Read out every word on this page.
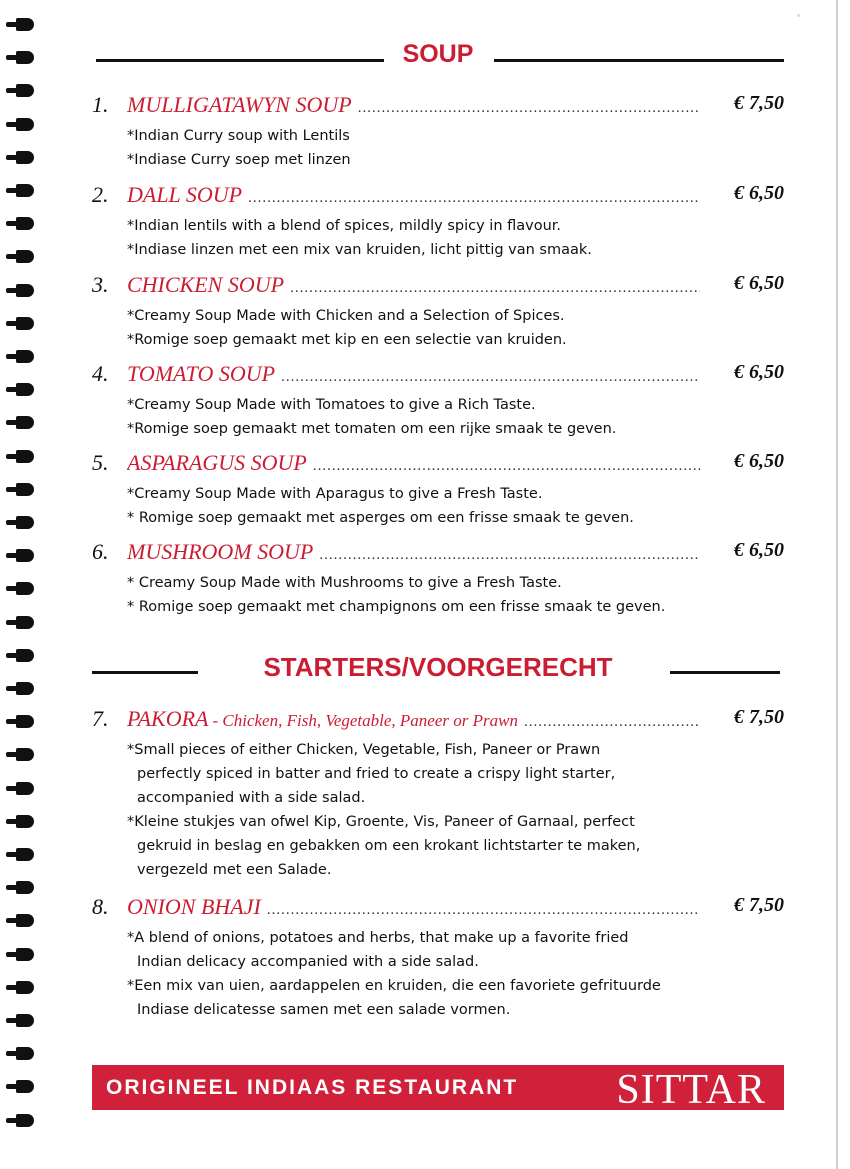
SOUP
1. MULLIGATAWYN SOUP .....	€ 7,50
*Indian Curry soup with Lentils
*Indiase Curry soep met linzen
2. DALL SOUP .....	€ 6,50
*Indian lentils with a blend of spices, mildly spicy in flavour.
*Indiase linzen met een mix van kruiden, licht pittig van smaak.
3. CHICKEN SOUP .....	€ 6,50
*Creamy Soup Made with Chicken and a Selection of Spices.
*Romige soep gemaakt met kip en een selectie van kruiden.
4. TOMATO SOUP .....	€ 6,50
*Creamy Soup Made with Tomatoes to give a Rich Taste.
*Romige soep gemaakt met tomaten om een rijke smaak te geven.
5. ASPARAGUS SOUP .....	€ 6,50
*Creamy Soup Made with Aparagus to give a Fresh Taste.
* Romige soep gemaakt met asperges om een frisse smaak te geven.
6. MUSHROOM SOUP .....	€ 6,50
* Creamy Soup Made with Mushrooms to give a Fresh Taste.
* Romige soep gemaakt met champignons om een frisse smaak te geven.
STARTERS/VOORGERECHT
7. PAKORA - Chicken, Fish, Vegetable, Paneer or Prawn .....	€ 7,50
*Small pieces of either Chicken, Vegetable, Fish, Paneer or Prawn
perfectly spiced in batter and fried to create a crispy light starter,
accompanied with a side salad.
*Kleine stukjes van ofwel Kip, Groente, Vis, Paneer of Garnaal, perfect
gekruid in beslag en gebakken om een krokant lichtstarter te maken,
vergezeld met een Salade.
8. ONION BHAJI .....	€ 7,50
*A blend of onions, potatoes and herbs, that make up a favorite fried
Indian delicacy accompanied with a side salad.
*Een mix van uien, aardappelen en kruiden, die een favoriete gefrituurde
Indiase delicatesse samen met een salade vormen.
ORIGINEEL INDIAAS RESTAURANT SITTAR
